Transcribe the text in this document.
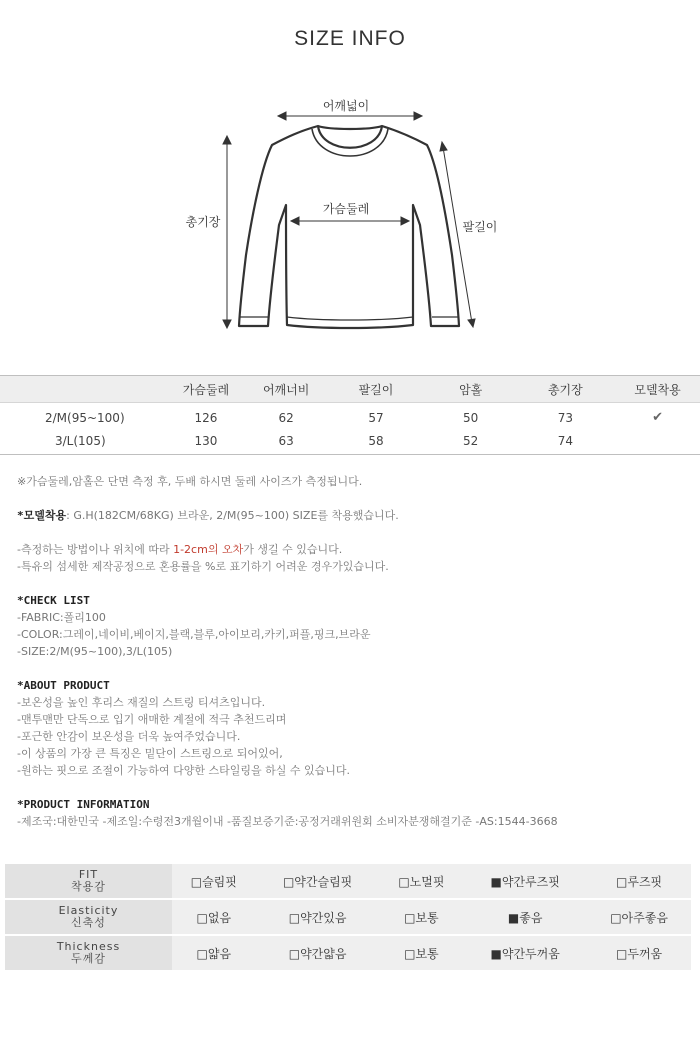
SIZE INFO
어깨넓이
가슴둘레
총기장	팔길이
	가슴둘레	어깨너비	팔길이	암홀	총기장	모델착용
2/M(95~100)	126	62	57	50	73	✔
3/L(105)	130	63	58	52	74	

※가슴둘레,암홀은 단면 측정 후, 두배 하시면 둘레 사이즈가 측정됩니다.

*모델착용: G.H(182CM/68KG) 브라운, 2/M(95~100) SIZE를 착용했습니다.

-측정하는 방법이나 위치에 따라 1-2cm의 오차가 생길 수 있습니다.

-특유의 섬세한 제작공정으로 혼용률을 %로 표기하기 어려운 경우가있습니다.

*CHECK LIST

-FABRIC:폴리100

-COLOR:그레이,네이비,베이지,블랙,블루,아이보리,카키,퍼플,핑크,브라운

-SIZE:2/M(95~100),3/L(105)

*ABOUT PRODUCT

-보온성을 높인 후리스 재질의 스트링 티셔츠입니다.

-맨투맨만 단독으로 입기 애매한 계절에 적극 추천드리며

-포근한 안감이 보온성을 더욱 높여주었습니다.

-이 상품의 가장 큰 특징은 밑단이 스트링으로 되어있어,

-원하는 핏으로 조절이 가능하여 다양한 스타일링을 하실 수 있습니다.

*PRODUCT INFORMATION

-제조국:대한민국 -제조일:수령전3개월이내 -품질보증기준:공정거래위원회 소비자분쟁해결기준 -AS:1544-3668

FIT
착용감	□슬림핏	□약간슬림핏	□노멀핏	■약간루즈핏	□루즈핏

Elasticity
신축성	□없음	□약간있음	□보통	■좋음	□아주좋음

Thickness
두께감	□얇음	□약간얇음	□보통	■약간두꺼움	□두꺼움
